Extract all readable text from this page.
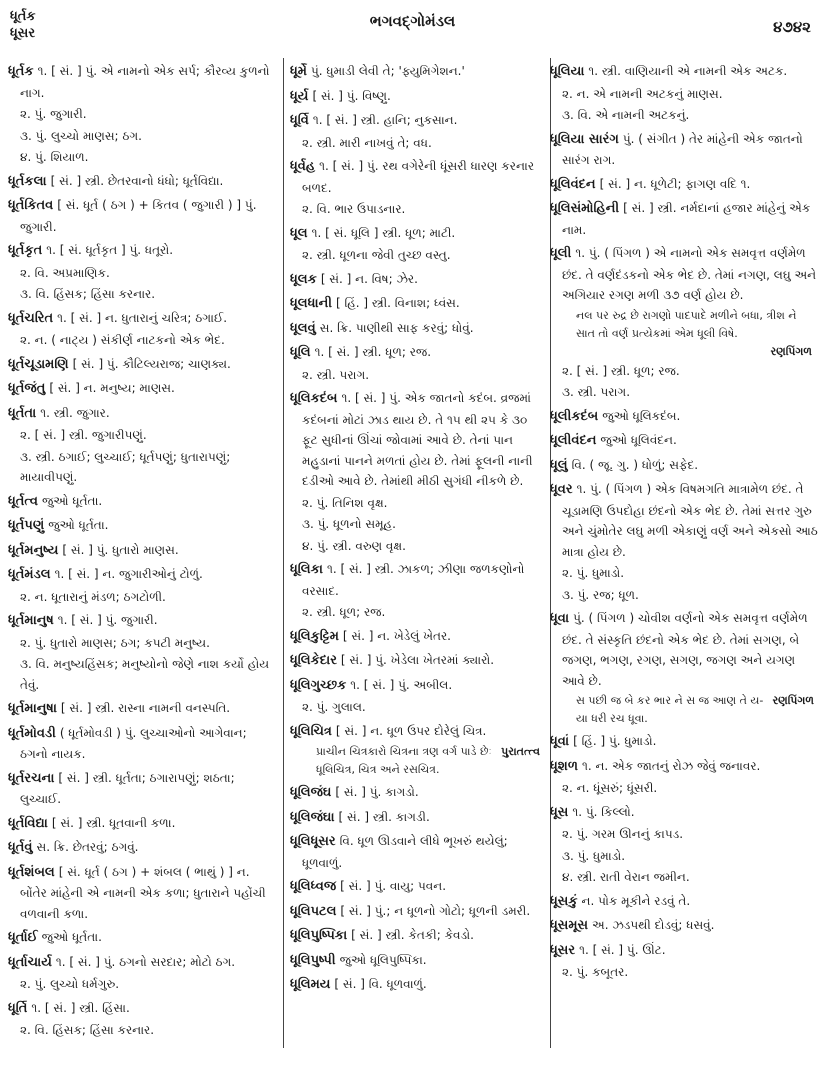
ધૂર્તક
ધૂસર
ભગવદ્ગોમંડલ	૪૭૪૨
ધૂર્તક ૧. [ સં. ] પું. એ નામનો એક સર્પ; કૌરવ્ય કુળનો નાગ.
૨. પું. જુગારી.
૩. પું. લુચ્ચો માણસ; ઠગ.
૪. પું. શિયાળ.
ધૂર્તકલા [ સં. ] સ્ત્રી. છેતરવાનો ધંધો; ધૂર્તવિદ્યા.
ધૂર્તકિતવ [ સં. ધૂર્ત ( ઠગ ) + કિતવ ( જુગારી ) ] પું. જુગારી.
ધૂર્તકૃત ૧. [ સં. ધૂર્તકૃત ] પું. ધતૂરો.
૨. વિ. અપ્રમાણિક.
૩. વિ. હિંસક; હિંસા કરનાર.
ધૂર્તચરિત ૧. [ સં. ] ન. ધુતારાનું ચરિત્ર; ઠગાઈ.
૨. ન. ( નાટ્ય ) સંકીર્ણ નાટકનો એક ભેદ.
ધૂર્તચૂડામણિ [ સં. ] પું. કૌટિલ્યરાજ; ચાણક્ય.
ધૂર્તજંતુ [ સં. ] ન. મનુષ્ય; માણસ.
ધૂર્તતા ૧. સ્ત્રી. જુગાર.
૨. [ સં. ] સ્ત્રી. જુગારીપણું.
૩. સ્ત્રી. ઠગાઈ; લુચ્ચાઈ; ધૂર્તપણું; ધુતારાપણું; માયાવીપણું.
ધૂર્તત્વ જુઓ ધૂર્તતા.
ધૂર્તપણું જુઓ ધૂર્તતા.
ધૂર્તમનુષ્ય [ સં. ] પું. ધુતારો માણસ.
ધૂર્તમંડલ ૧. [ સં. ] ન. જુગારીઓનું ટોળું.
૨. ન. ધૂતારાનું મંડળ; ઠગટોળી.
ધૂર્તમાનુષ ૧. [ સં. ] પું. જુગારી.
૨. પું. ધુતારો માણસ; ઠગ; કપટી મનુષ્ય.
૩. વિ. મનુષ્યહિંસક; મનુષ્યોનો જેણે નાશ કર્યો હોય તેવું.
ધૂર્તમાનુષા [ સં. ] સ્ત્રી. રાસ્ના નામની વનસ્પતિ.
ધૂર્તમોવડી ( ધૂર્તમોવડી ) પું. લુચ્ચાઓનો આગેવાન; ઠગનો નાયક.
ધૂર્તરચના [ સં. ] સ્ત્રી. ધૂર્તતા; ઠગારાપણું; શઠતા; લુચ્ચાઈ.
ધૂર્તવિદ્યા [ સં. ] સ્ત્રી. ધૂતવાની કળા.
ધૂર્તવું સ. ક્રિ. છેતરવું; ઠગવું.
ધૂર્તશંબલ [ સં. ધૂર્ત ( ઠગ ) + શંબલ ( ભાથું ) ] ન. બોંતેર માંહેની એ નામની એક કળા; ધુતારાને પહોંચી વળવાની કળા.
ધૂર્તાઈ જુઓ ધૂર્તતા.
ધૂર્તાચાર્ય ૧. [ સં. ] પું. ઠગનો સરદાર; મોટો ઠગ.
૨. પું. લુચ્ચો ધર્મગુરુ.
ધૂર્તિ ૧. [ સં. ] સ્ત્રી. હિંસા.
૨. વિ. હિંસક; હિંસા કરનાર.
ધૂર્મે પું. ધુમાડી લેવી તે; 'ફ્યુમિગેશન.'
ધૂર્ય [ સં. ] પું. વિષ્ણુ.
ધૂર્વિ ૧. [ સં. ] સ્ત્રી. હાનિ; નુકસાન.
૨. સ્ત્રી. મારી નાખવું તે; વધ.
ધૂર્વહ ૧. [ સં. ] પું. રથ વગેરેની ધૂંસરી ધારણ કરનાર બળદ.
૨. વિ. ભાર ઉપાડનાર.
ધૂલ ૧. [ સં. ધૂલિ ] સ્ત્રી. ધૂળ; માટી.
૨. સ્ત્રી. ધૂળના જેવી તુચ્છ વસ્તુ.
ધૂલક [ સં. ] ન. વિષ; ઝેર.
ધૂલધાની [ હિં. ] સ્ત્રી. વિનાશ; ધ્વંસ.
ધૂલવું સ. ક્રિ. પાણીથી સાફ કરવું; ધોવું.
ધૂલિ ૧. [ સં. ] સ્ત્રી. ધૂળ; રજ.
૨. સ્ત્રી. પરાગ.
ધૂલિકદંબ ૧. [ સં. ] પું. એક જાતનો કદંબ. વ્રજમાં કદંબનાં મોટાં ઝાડ થાય છે. તે ૧૫ થી ૨૫ કે ૩૦ ફૂટ સુધીનાં ઊંચાં જોવામાં આવે છે. તેનાં પાન મહુડાનાં પાનને મળતાં હોય છે. તેમાં ફૂલની નાની દડીઓ આવે છે. તેમાંથી મીઠી સુગંધી નીકળે છે.
૨. પું. તિનિશ વૃક્ષ.
૩. પું. ધૂળનો સમૂહ.
૪. પું. સ્ત્રી. વરુણ વૃક્ષ.
ધૂલિકા ૧. [ સં. ] સ્ત્રી. ઝાકળ; ઝીણા જળકણોનો વરસાદ.
૨. સ્ત્રી. ધૂળ; રજ.
ધૂલિકુટ્ટિમ [ સં. ] ન. ખેડેલું ખેતર.
ધૂલિકેદાર [ સં. ] પું. ખેડેલા ખેતરમાં ક્યારો.
ધૂલિગુચ્છક ૧. [ સં. ] પું. અબીલ.
૨. પું. ગુલાલ.
ધૂલિચિત્ર [ સં. ] ન. ધૂળ ઉપર દોરેલું ચિત્ર.
પુરાતત્ત્વ
પ્રાચીન ચિત્રકારો ચિત્રના ત્રણ વર્ગ પાડે છેઃ ધૂલિચિત્ર, ચિત્ર અને રસચિત્ર.
ધૂલિજંઘ [ સં. ] પું. કાગડો.
ધૂલિજંઘા [ સં. ] સ્ત્રી. કાગડી.
ધૂલિધૂસર વિ. ધૂળ ઊડવાને લીધે ભૂખરું થયેલું; ધૂળવાળું.
ધૂલિધ્વજ [ સં. ] પું. વાયુ; પવન.
ધૂલિપટલ [ સં. ] પું.; ન ધૂળનો ગોટો; ધૂળની ડમરી.
ધૂલિપુષ્પિકા [ સં. ] સ્ત્રી. કેતકી; કેવડો.
ધૂલિપુષ્પી જુઓ ધૂલિપુષ્પિકા.
ધૂલિમય [ સં. ] વિ. ધૂળવાળું.
ધૂલિયા ૧. સ્ત્રી. વાણિયાની એ નામની એક અટક.
૨. ન. એ નામની અટકનું માણસ.
૩. વિ. એ નામની અટકનું.
ધૂલિયા સારંગ પું. ( સંગીત ) તેર માંહેની એક જાતનો સારંગ રાગ.
ધૂલિવંદન [ સં. ] ન. ધૂળેટી; ફાગણ વદિ ૧.
ધૂલિસંમોહિની [ સં. ] સ્ત્રી. નર્મદાનાં હજાર માંહેનું એક નામ.
ધૂલી ૧. પું. ( પિંગળ ) એ નામનો એક સમવૃત્ત વર્ણમેળ છંદ. તે વર્ણદંડકનો એક ભેદ છે. તેમાં નગણ, લઘુ અને અગિયાર રગણ મળી ૩૭ વર્ણ હોય છે.
નલ પર રુદ્ર છે રાગણો પાદપાદે મળીને બધા, ત્રીશ ને સાત તો વર્ણ પ્રત્યેકમાં એમ ધૂલી વિષે.
રણપિંગળ
૨. [ સં. ] સ્ત્રી. ધૂળ; રજ.
૩. સ્ત્રી. પરાગ.
ધૂલીકદંબ જુઓ ધૂલિકદંબ.
ધૂલીવંદન જુઓ ધૂલિવંદન.
ધૂલું વિ. ( જૂ. ગુ. ) ધોળું; સફેદ.
ધૂવર ૧. પું. ( પિંગળ ) એક વિષમગતિ માત્રામેળ છંદ. તે ચૂડામણિ ઉપદોહા છંદનો એક ભેદ છે. તેમાં સત્તર ગુરુ અને ચુંમોતેર લઘુ મળી એકાણું વર્ણ અને એકસો આઠ માત્રા હોય છે.
૨. પું. ધુમાડો.
૩. પું. રજ; ધૂળ.
ધૂવા પું. ( પિંગળ ) ચોવીશ વર્ણનો એક સમવૃત્ત વર્ણમેળ છંદ. તે સંસ્કૃતિ છંદનો એક ભેદ છે. તેમાં સગણ, બે જગણ, ભગણ, રગણ, સગણ, જગણ અને યગણ આવે છે.
રણપિંગળ
સ પછી જ બે કર ભાર ને સ જ આણ તે ય- યા ધરી રચ ધૂવા.
ધૂવાં [ હિં. ] પું. ધુમાડો.
ધૂશળ ૧. ન. એક જાતનું રોઝ જેવું જનાવર.
૨. ન. ધૂંસરું; ધૂંસરી.
ધૂસ ૧. પું. કિલ્લો.
૨. પું. ગરમ ઊનનું કાપડ.
૩. પું. ધુમાડો.
૪. સ્ત્રી. રાતી વેરાન જમીન.
ધૂસકું ન. પોક મૂકીને રડવું તે.
ધૂસમૂસ અ. ઝડપથી દોડવું; ધસવું.
ધૂસર ૧. [ સં. ] પું. ઊંટ.
૨. પું. કબૂતર.
